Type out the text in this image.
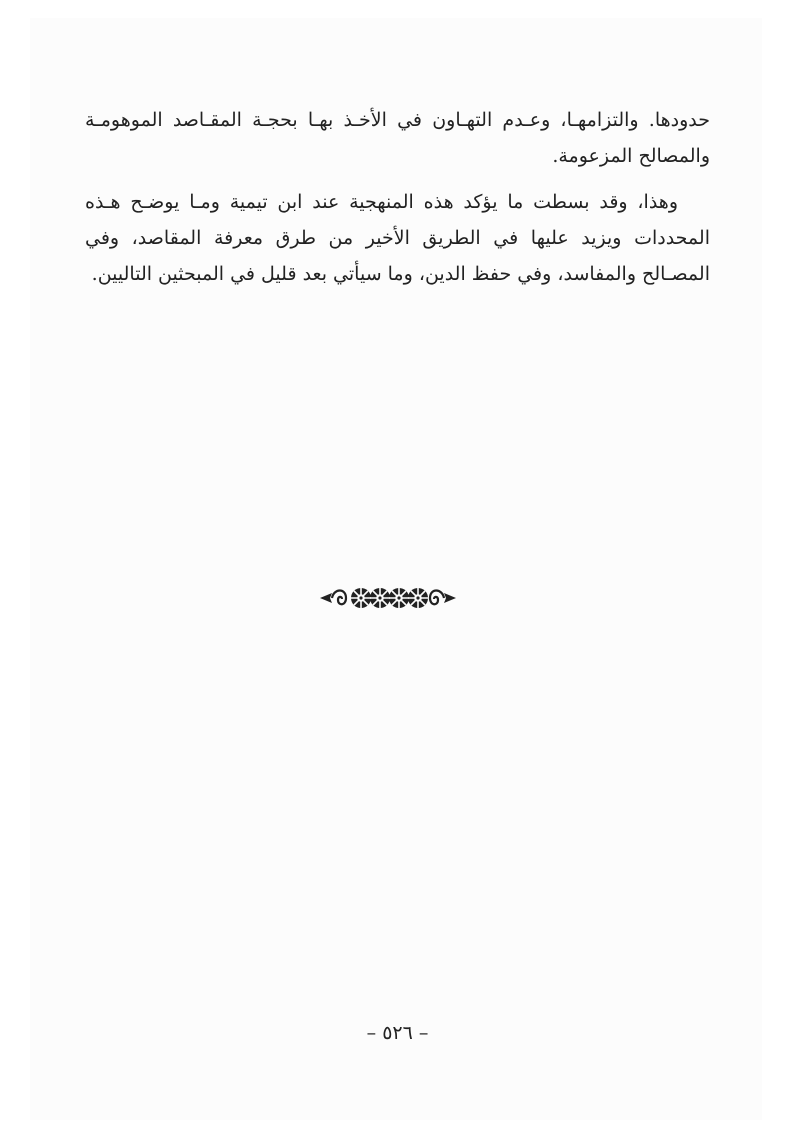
حدودها. والتزامهـا، وعـدم التهـاون في الأخـذ بهـا بحجـة المقـاصد الموهومـة والمصالح المزعومة.

وهذا، وقد بسطت ما يؤكد هذه المنهجية عند ابن تيمية ومـا يوضـح هـذه المحددات ويزيد عليها في الطريق الأخير من طرق معرفة المقاصد، وفي المصـالح والمفاسد، وفي حفظ الدين، وما سيأتي بعد قليل في المبحثين التاليين.

– ٥٢٦ –
